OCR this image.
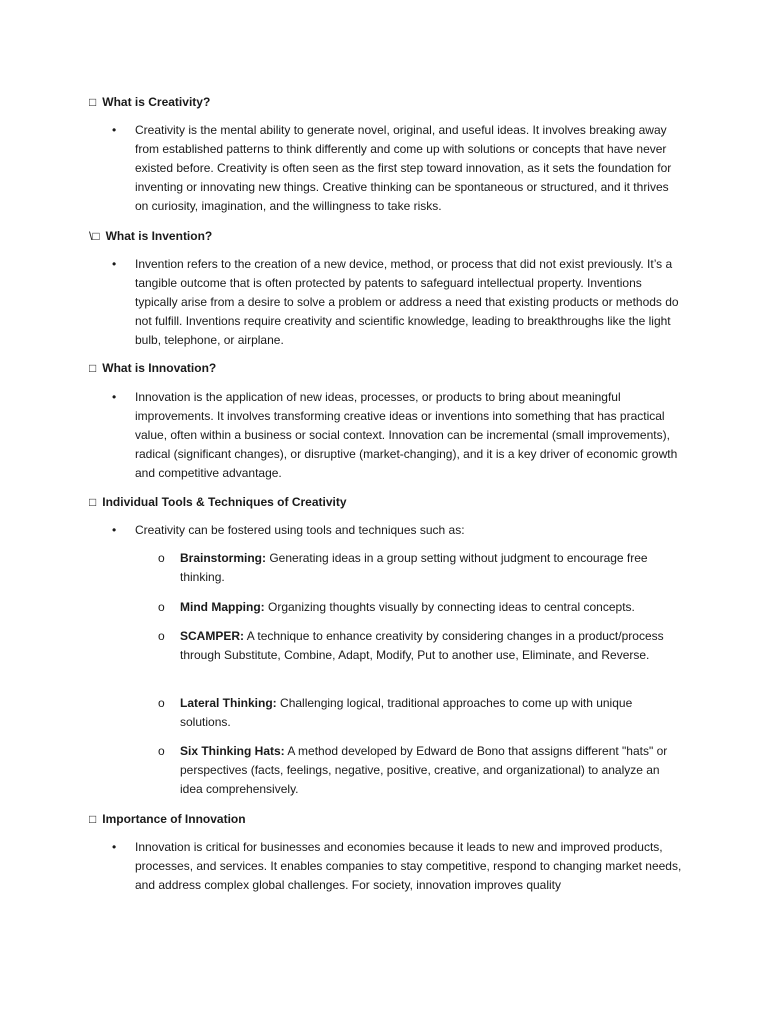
□ What is Creativity?
•	Creativity is the mental ability to generate novel, original, and useful ideas. It involves breaking away from established patterns to think differently and come up with solutions or concepts that have never existed before. Creativity is often seen as the first step toward innovation, as it sets the foundation for inventing or innovating new things. Creative thinking can be spontaneous or structured, and it thrives on curiosity, imagination, and the willingness to take risks.
\□ What is Invention?
•	Invention refers to the creation of a new device, method, or process that did not exist previously. It’s a tangible outcome that is often protected by patents to safeguard intellectual property. Inventions typically arise from a desire to solve a problem or address a need that existing products or methods do not fulfill. Inventions require creativity and scientific knowledge, leading to breakthroughs like the light bulb, telephone, or airplane.
□ What is Innovation?
•	Innovation is the application of new ideas, processes, or products to bring about meaningful improvements. It involves transforming creative ideas or inventions into something that has practical value, often within a business or social context. Innovation can be incremental (small improvements), radical (significant changes), or disruptive (market-changing), and it is a key driver of economic growth and competitive advantage.
□ Individual Tools & Techniques of Creativity
•	Creativity can be fostered using tools and techniques such as:
o Brainstorming: Generating ideas in a group setting without judgment to encourage free thinking.
o Mind Mapping: Organizing thoughts visually by connecting ideas to central concepts.
o SCAMPER: A technique to enhance creativity by considering changes in a product/process through Substitute, Combine, Adapt, Modify, Put to another use, Eliminate, and Reverse.
o Lateral Thinking: Challenging logical, traditional approaches to come up with unique solutions.
o Six Thinking Hats: A method developed by Edward de Bono that assigns different "hats" or perspectives (facts, feelings, negative, positive, creative, and organizational) to analyze an idea comprehensively.
□ Importance of Innovation
•	Innovation is critical for businesses and economies because it leads to new and improved products, processes, and services. It enables companies to stay competitive, respond to changing market needs, and address complex global challenges. For society, innovation improves quality
